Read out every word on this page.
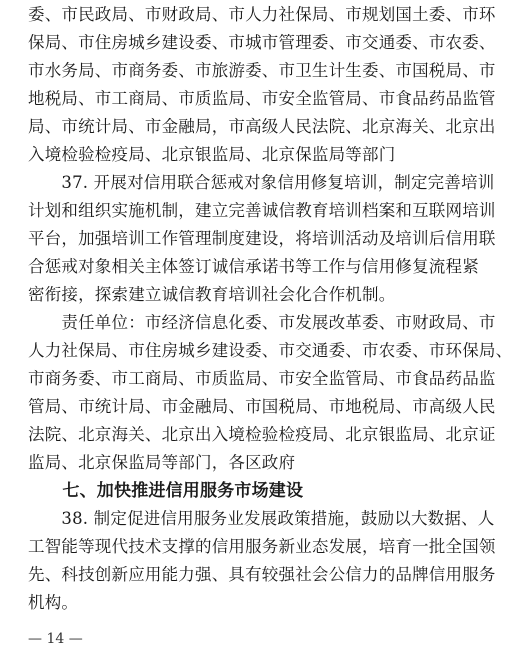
委、市民政局、市财政局、市人力社保局、市规划国土委、市环
保局、市住房城乡建设委、市城市管理委、市交通委、市农委、
市水务局、市商务委、市旅游委、市卫生计生委、市国税局、市
地税局、市工商局、市质监局、市安全监管局、市食品药品监管
局、市统计局、市金融局，市高级人民法院、北京海关、北京出
入境检验检疫局、北京银监局、北京保监局等部门
　　37. 开展对信用联合惩戒对象信用修复培训，制定完善培训
计划和组织实施机制，建立完善诚信教育培训档案和互联网培训
平台，加强培训工作管理制度建设，将培训活动及培训后信用联
合惩戒对象相关主体签订诚信承诺书等工作与信用修复流程紧
密衔接，探索建立诚信教育培训社会化合作机制。
　　责任单位：市经济信息化委、市发展改革委、市财政局、市
人力社保局、市住房城乡建设委、市交通委、市农委、市环保局、
市商务委、市工商局、市质监局、市安全监管局、市食品药品监
管局、市统计局、市金融局、市国税局、市地税局、市高级人民
法院、北京海关、北京出入境检验检疫局、北京银监局、北京证
监局、北京保监局等部门，各区政府
　　七、加快推进信用服务市场建设
　　38. 制定促进信用服务业发展政策措施，鼓励以大数据、人
工智能等现代技术支撑的信用服务新业态发展，培育一批全国领
先、科技创新应用能力强、具有较强社会公信力的品牌信用服务
机构。
— 14 —
